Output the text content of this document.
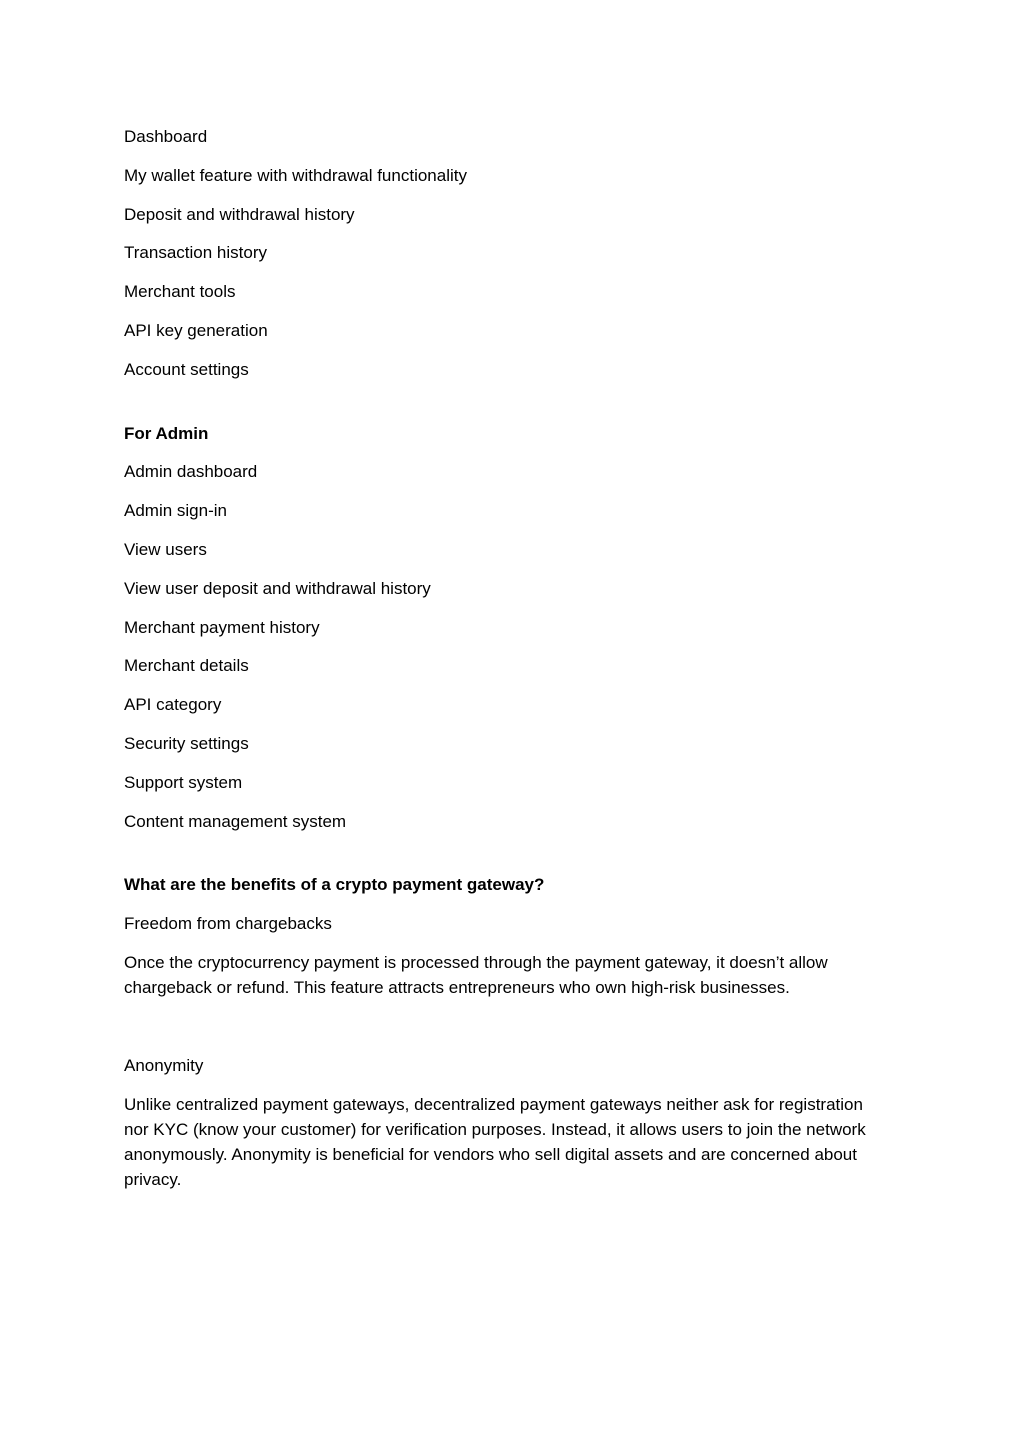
Dashboard
My wallet feature with withdrawal functionality
Deposit and withdrawal history
Transaction history
Merchant tools
API key generation
Account settings
For Admin
Admin dashboard
Admin sign-in
View users
View user deposit and withdrawal history
Merchant payment history
Merchant details
API category
Security settings
Support system
Content management system
What are the benefits of a crypto payment gateway?
Freedom from chargebacks
Once the cryptocurrency payment is processed through the payment gateway, it doesn’t allow
chargeback or refund. This feature attracts entrepreneurs who own high-risk businesses.
Anonymity
Unlike centralized payment gateways, decentralized payment gateways neither ask for registration
nor KYC (know your customer) for verification purposes. Instead, it allows users to join the network
anonymously. Anonymity is beneficial for vendors who sell digital assets and are concerned about
privacy.
